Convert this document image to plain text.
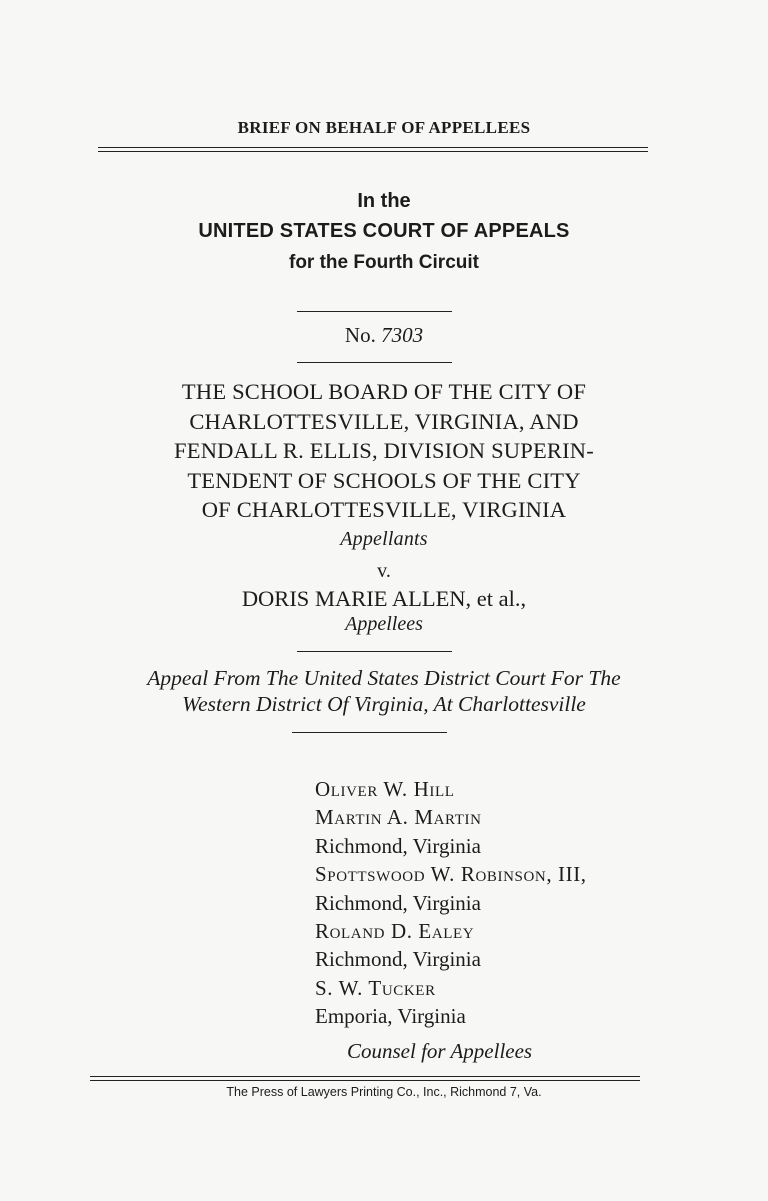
BRIEF ON BEHALF OF APPELLEES
In the
UNITED STATES COURT OF APPEALS
for the Fourth Circuit
No. 7303
THE SCHOOL BOARD OF THE CITY OF
CHARLOTTESVILLE, VIRGINIA, AND
FENDALL R. ELLIS, DIVISION SUPERIN-
TENDENT OF SCHOOLS OF THE CITY
OF CHARLOTTESVILLE, VIRGINIA
Appellants
v.
DORIS MARIE ALLEN, et al.,
Appellees
Appeal From The United States District Court For The
Western District Of Virginia, At Charlottesville
Oliver W. Hill
Martin A. Martin
Richmond, Virginia
Spottswood W. Robinson, III,
Richmond, Virginia
Roland D. Ealey
Richmond, Virginia
S. W. Tucker
Emporia, Virginia
Counsel for Appellees
The Press of Lawyers Printing Co., Inc., Richmond 7, Va.
